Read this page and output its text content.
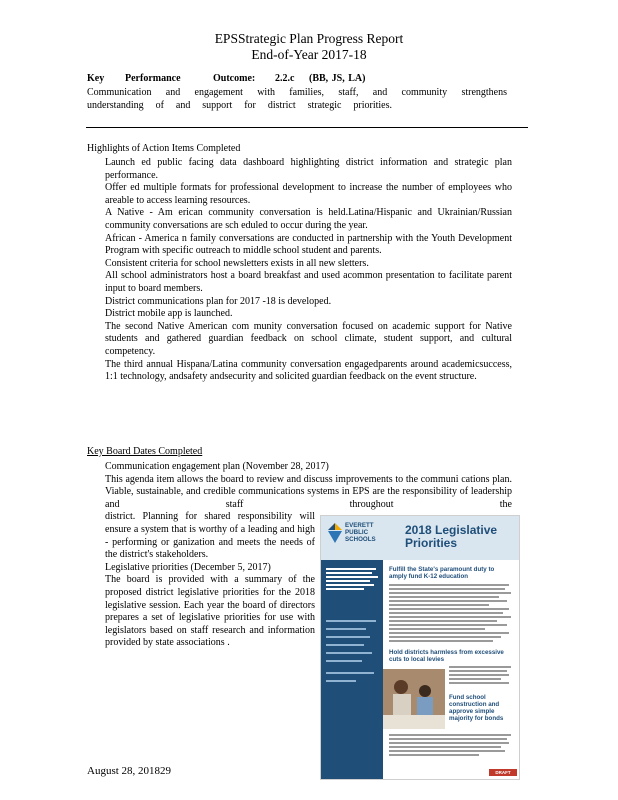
EPSStrategic Plan Progress Report
End-of-Year 2017-18
Key Performance	Outcome: 2.2.c (BB, JS, LA)
Communication and engagement with families, staff, and community strengthens
understanding of and support for district strategic priorities.
Highlights of Action Items Completed
Launch ed public facing data dashboard highlighting district information and strategic plan performance.
Offer ed multiple formats for professional development to increase the number of employees who areable to access learning resources.
A Native - Am erican community conversation is held.Latina/Hispanic and Ukrainian/Russian community conversations are sch eduled to occur during the year.
African - America n family conversations are conducted in partnership with the Youth Development Program with specific outreach to middle school student and parents.
Consistent criteria for school newsletters exists in all new sletters.
All school administrators host a board breakfast and used acommon presentation to facilitate parent input to board members.
District communications plan for 2017 -18 is developed.
District mobile app is launched.
The second Native American com munity conversation focused on academic support for Native students and gathered guardian feedback on school climate, student support, and cultural competency.
The third annual Hispana/Latina community conversation engagedparents around academicsuccess, 1:1 technology, andsafety andsecurity and solicited guardian feedback on the event structure.
Key Board Dates Completed
Communication engagement plan (November 28, 2017)
This agenda item allows the board to review and discuss improvements to the communi cations plan. Viable, sustainable, and credible communications systems in EPS are the responsibility of leadership and staff throughout the
district. Planning for shared responsibility will ensure a system that is worthy of a leading and high - performing or ganization and meets the needs of the district's stakeholders.
Legislative priorities (December 5, 2017)
The board is provided with a summary of the proposed district legislative priorities for the 2018 legislative session. Each year the board of directors prepares a set of legislative priorities for use with legislators based on staff research and information provided by state associations .
August 28, 201829
EVERETT
PUBLIC
SCHOOLS
2018 Legislative
Priorities
Fulfill the State's paramount duty to amply fund K-12 education
Hold districts harmless from excessive cuts to local levies
Fund school construction and approve simple majority for bonds
DRAFT
